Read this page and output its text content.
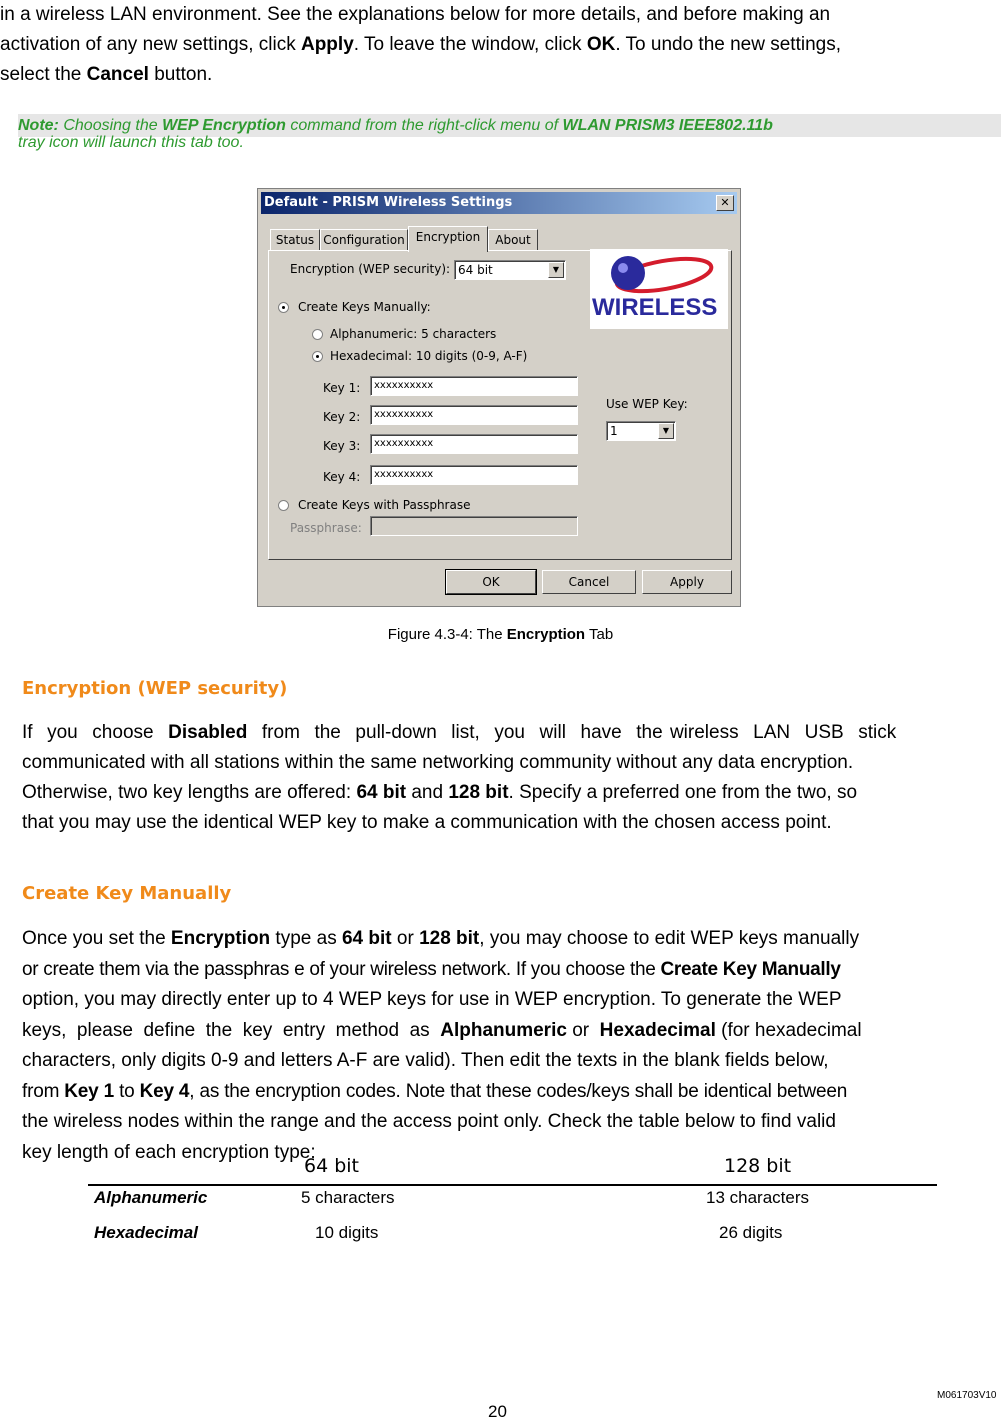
in a wireless LAN environment. See the explanations below for more details, and before making an
activation of any new settings, click Apply. To leave the window, click OK. To undo the new settings,
select the Cancel button.
Note: Choosing the WEP Encryption command from the right-click menu of WLAN PRISM3 IEEE802.11b
tray icon will launch this tab too.
Default - PRISM Wireless Settings	✕
Status Configuration Encryption	About
Encryption (WEP security): 64 bit	▼
WIRELESS
Create Keys Manually:
Alphanumeric: 5 characters
Hexadecimal: 10 digits (0-9, A-F)
Key 1:	xxxxxxxxxx
Key 2:	xxxxxxxxxx
Key 3:	xxxxxxxxxx
Key 4:	xxxxxxxxxx
Use WEP Key:
1	▼
Create Keys with Passphrase
Passphrase:
OK	Cancel	Apply
Figure 4.3-4: The Encryption Tab
Encryption (WEP security)
If  you  choose  Disabled  from  the  pull-down  list,  you  will  have  the wireless  LAN  USB  stick
communicated with all stations within the same networking community without any data encryption.
Otherwise, two key lengths are offered: 64 bit and 128 bit. Specify a preferred one from the two, so
that you may use the identical WEP key to make a communication with the chosen access point.
Create Key Manually
Once you set the Encryption type as 64 bit or 128 bit, you may choose to edit WEP keys manually
or create them via the passphras e of your wireless network. If you choose the Create Key Manually
option, you may directly enter up to 4 WEP keys for use in WEP encryption. To generate the WEP
keys,  please  define  the  key  entry  method  as  Alphanumeric or  Hexadecimal (for hexadecimal
characters, only digits 0-9 and letters A-F are valid). Then edit the texts in the blank fields below,
from Key 1 to Key 4, as the encryption codes. Note that these codes/keys shall be identical between
the wireless nodes within the range and the access point only. Check the table below to find valid
key length of each encryption type:
64 bit	128 bit
Alphanumeric	5 characters	13 characters
Hexadecimal	10 digits	26 digits
M061703V10
20
